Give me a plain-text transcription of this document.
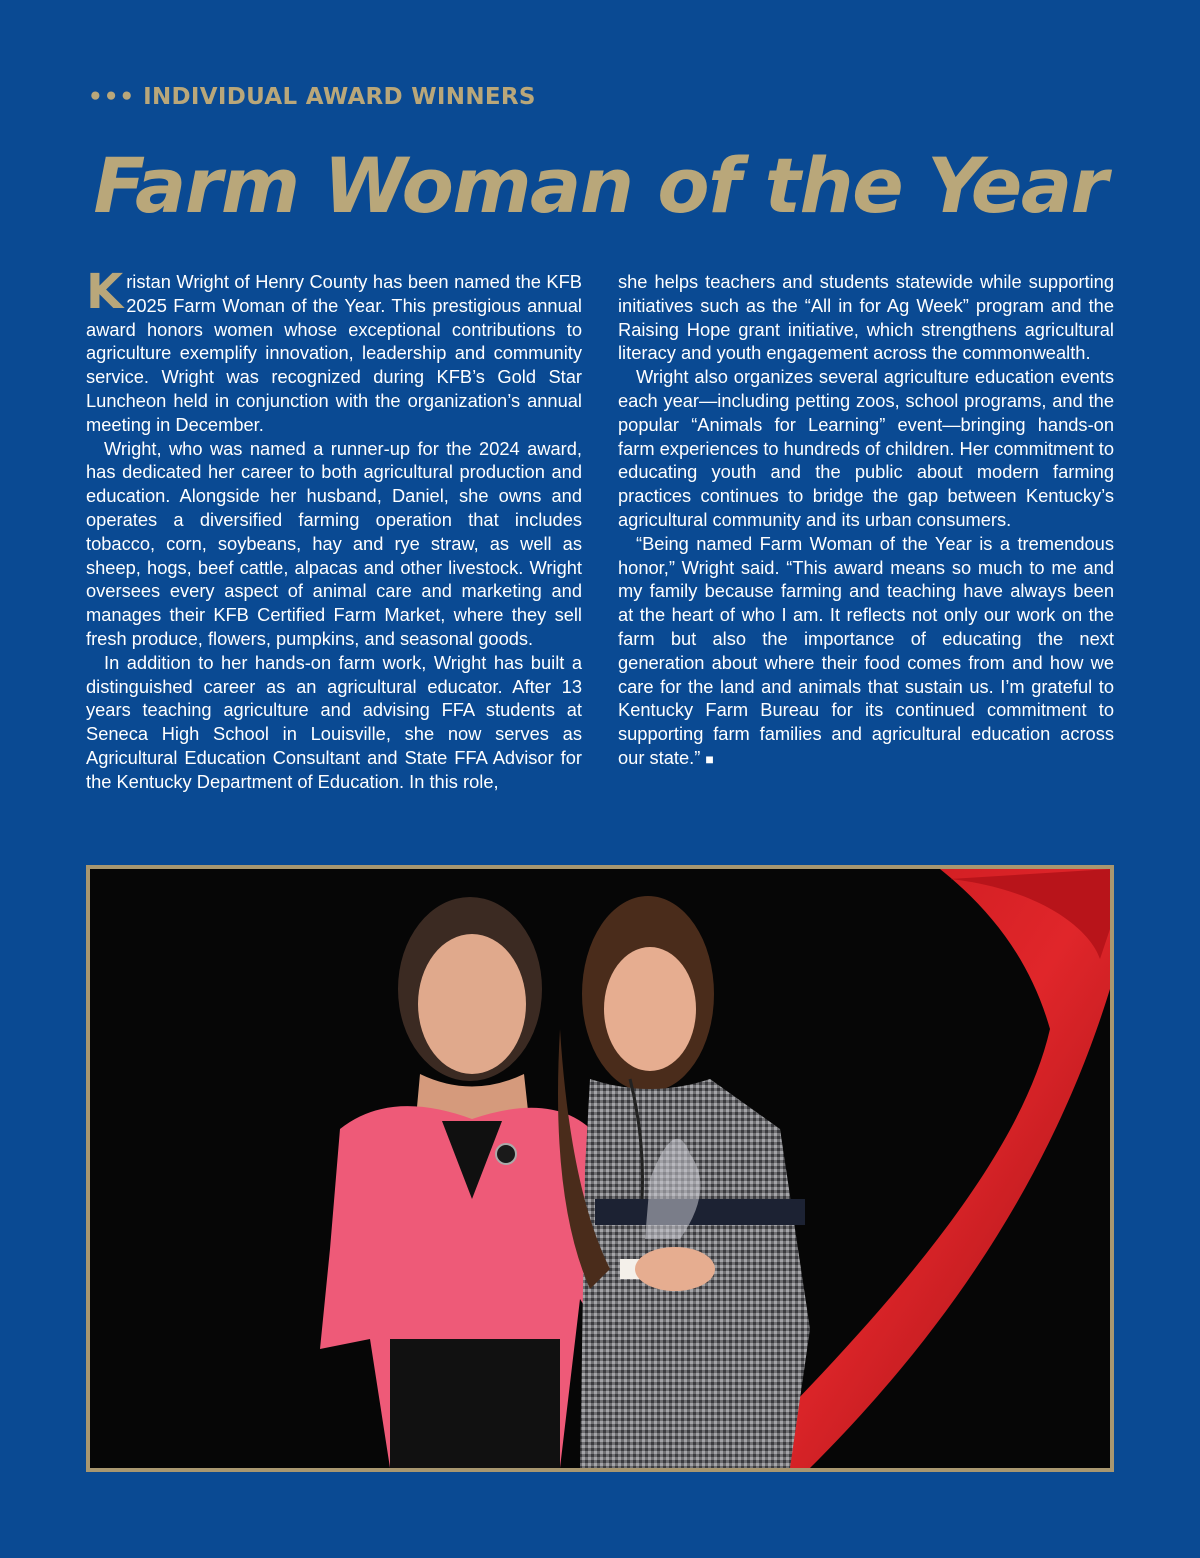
••• INDIVIDUAL AWARD WINNERS
Farm Woman of the Year

Kristan Wright of Henry County has been named the KFB 2025 Farm Woman of the Year. This prestigious annual award honors women whose exceptional contributions to agriculture exemplify innovation, leadership and community service. Wright was recognized during KFB’s Gold Star Luncheon held in conjunction with the organization’s annual meeting in December.

Wright, who was named a runner-up for the 2024 award, has dedicated her career to both agricultural production and education. Alongside her husband, Daniel, she owns and operates a diversified farming operation that includes tobacco, corn, soybeans, hay and rye straw, as well as sheep, hogs, beef cattle, alpacas and other livestock. Wright oversees every aspect of animal care and marketing and manages their KFB Certified Farm Market, where they sell fresh produce, flowers, pumpkins, and seasonal goods.

In addition to her hands-on farm work, Wright has built a distinguished career as an agricultural educator. After 13 years teaching agriculture and advising FFA students at Seneca High School in Louisville, she now serves as Agricultural Education Consultant and State FFA Advisor for the Kentucky Department of Education. In this role,

she helps teachers and students statewide while supporting initiatives such as the “All in for Ag Week” program and the Raising Hope grant initiative, which strengthens agricultural literacy and youth engagement across the commonwealth.

Wright also organizes several agriculture education events each year—including petting zoos, school programs, and the popular “Animals for Learning” event—bringing hands-on farm experiences to hundreds of children. Her commitment to educating youth and the public about modern farming practices continues to bridge the gap between Kentucky’s agricultural community and its urban consumers.

“Being named Farm Woman of the Year is a tremendous honor,” Wright said. “This award means so much to me and my family because farming and teaching have always been at the heart of who I am. It reflects not only our work on the farm but also the importance of educating the next generation about where their food comes from and how we care for the land and animals that sustain us. I’m grateful to Kentucky Farm Bureau for its continued commitment to supporting farm families and agricultural education across our state.” ■
